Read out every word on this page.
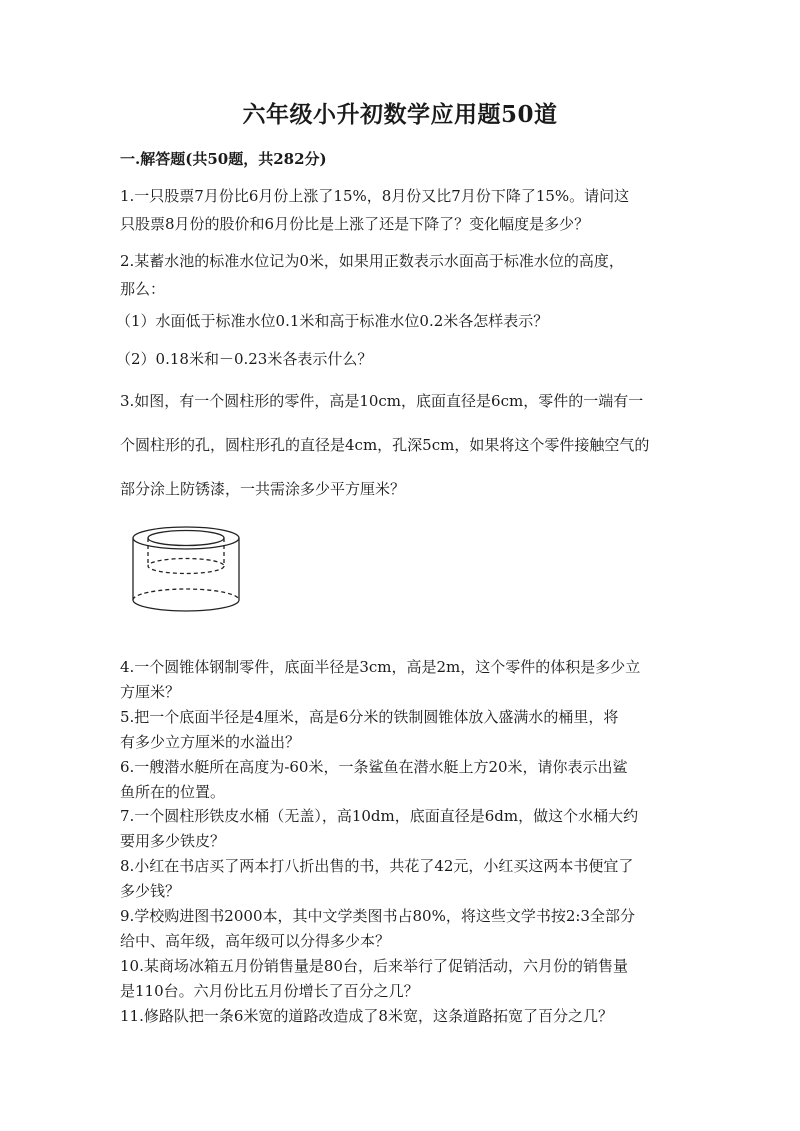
六年级小升初数学应用题50道
一.解答题(共50题，共282分)
1.一只股票7月份比6月份上涨了15%，8月份又比7月份下降了15%。请问这
只股票8月份的股价和6月份比是上涨了还是下降了？变化幅度是多少？
2.某蓄水池的标准水位记为0米，如果用正数表示水面高于标准水位的高度，
那么：
（1）水面低于标准水位0.1米和高于标准水位0.2米各怎样表示？
（2）0.18米和－0.23米各表示什么？
3.如图，有一个圆柱形的零件，高是10cm，底面直径是6cm，零件的一端有一
个圆柱形的孔，圆柱形孔的直径是4cm，孔深5cm，如果将这个零件接触空气的
部分涂上防锈漆，一共需涂多少平方厘米？
4.一个圆锥体钢制零件，底面半径是3cm，高是2m，这个零件的体积是多少立
方厘米？
5.把一个底面半径是4厘米，高是6分米的铁制圆锥体放入盛满水的桶里，将
有多少立方厘米的水溢出？
6.一艘潜水艇所在高度为-60米，一条鲨鱼在潜水艇上方20米，请你表示出鲨
鱼所在的位置。
7.一个圆柱形铁皮水桶（无盖），高10dm，底面直径是6dm，做这个水桶大约
要用多少铁皮？
8.小红在书店买了两本打八折出售的书，共花了42元，小红买这两本书便宜了
多少钱？
9.学校购进图书2000本，其中文学类图书占80%，将这些文学书按2:3全部分
给中、高年级，高年级可以分得多少本？
10.某商场冰箱五月份销售量是80台，后来举行了促销活动，六月份的销售量
是110台。六月份比五月份增长了百分之几？
11.修路队把一条6米宽的道路改造成了8米宽，这条道路拓宽了百分之几？
